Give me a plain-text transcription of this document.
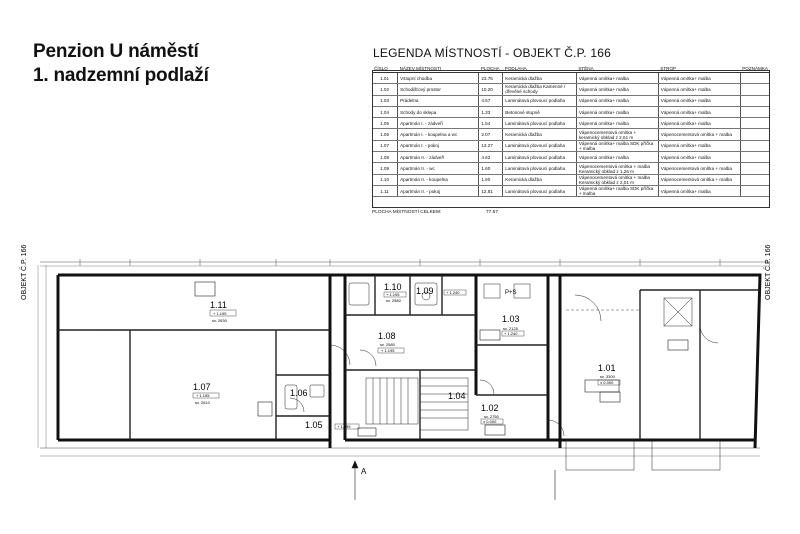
Penzion U náměstí
1. nadzemní podlaží
LEGENDA MÍSTNOSTÍ - OBJEKT Č.P. 166
ČÍSLO	NÁZEV MÍSTNOSTI	PLOCHA	PODLAHA	STĚNA	STROP	POZNÁMKA
1.01	Vstupní chodba	23.76	Keramická dlažba	Vápenná omítka+ malba	Vápenná omítka+ malba	
1.02	Schodišťový prostor	10.20	Keramická dlažba Kamenné / dřevěné schody	Vápenná omítka+ malba	Vápenná omítka+ malba	
1.03	Prádelna	4.57	Laminátová plovoucí podlaha	Vápenná omítka+ malba	Vápenná omítka+ malba	
1.04	Schody do sklepa	1.33	Betonové stupně	Vápenná omítka+ malba	Vápenná omítka+ malba	
1.05	Apartmán I. - zádveří	1.54	Laminátová plovoucí podlaha	Vápenná omítka+ malba	Vápenná omítka+ malba	
1.06	Apartmán I. - koupelna a wc	2.07	Keramická dlažba	Vápenocementová omítka + keramický obklad z 2,61 m	Vápenocementová omítka + malba	
1.07	Apartmán I. - pokoj	13.27	Laminátová plovoucí podlaha	Vápenná omítka+ malba SDK příčka + malba	Vápenná omítka+ malba	
1.08	Apartmán II. - zádveří	4.62	Laminátová plovoucí podlaha	Vápenná omítka+ malba	Vápenná omítka+ malba	
1.09	Apartmán II. - wc	1.60	Laminátová plovoucí podlaha	Vápenocementová omítka + malba Keramický obklad z 1,26 m	Vápenocementová omítka + malba	
1.10	Apartmán II. - koupelna	1.60	Keramická dlažba	Vápenocementová omítka + malba Keramický obklad z 2,01 m	Vápenocementová omítka + malba	
1.11	Apartmán II. - pokoj	12.81	Laminátová plovoucí podlaha	Vápenná omítka+ malba SDK příčka + malba	Vápenná omítka+ malba	
PLOCHA MÍSTNOSTÍ CELKEM:	77.57
OBJEKT Č.P. 166	OBJEKT Č.P. 166
A
1.11
+ 1.195
sv. 2630
1.10
+ 1.195
sv. 2580
1.09	+ 1.240
1.08
sv. 2580
+ 1.195
1.03
sv. 2125
+ 1.240
P+S
1.07
+ 1.195
sv. 2610
1.06
1.05	+ 1.195
1.04
1.02
sv. 2750
± 0.000
1.01
sv. 3300
± 0.000
